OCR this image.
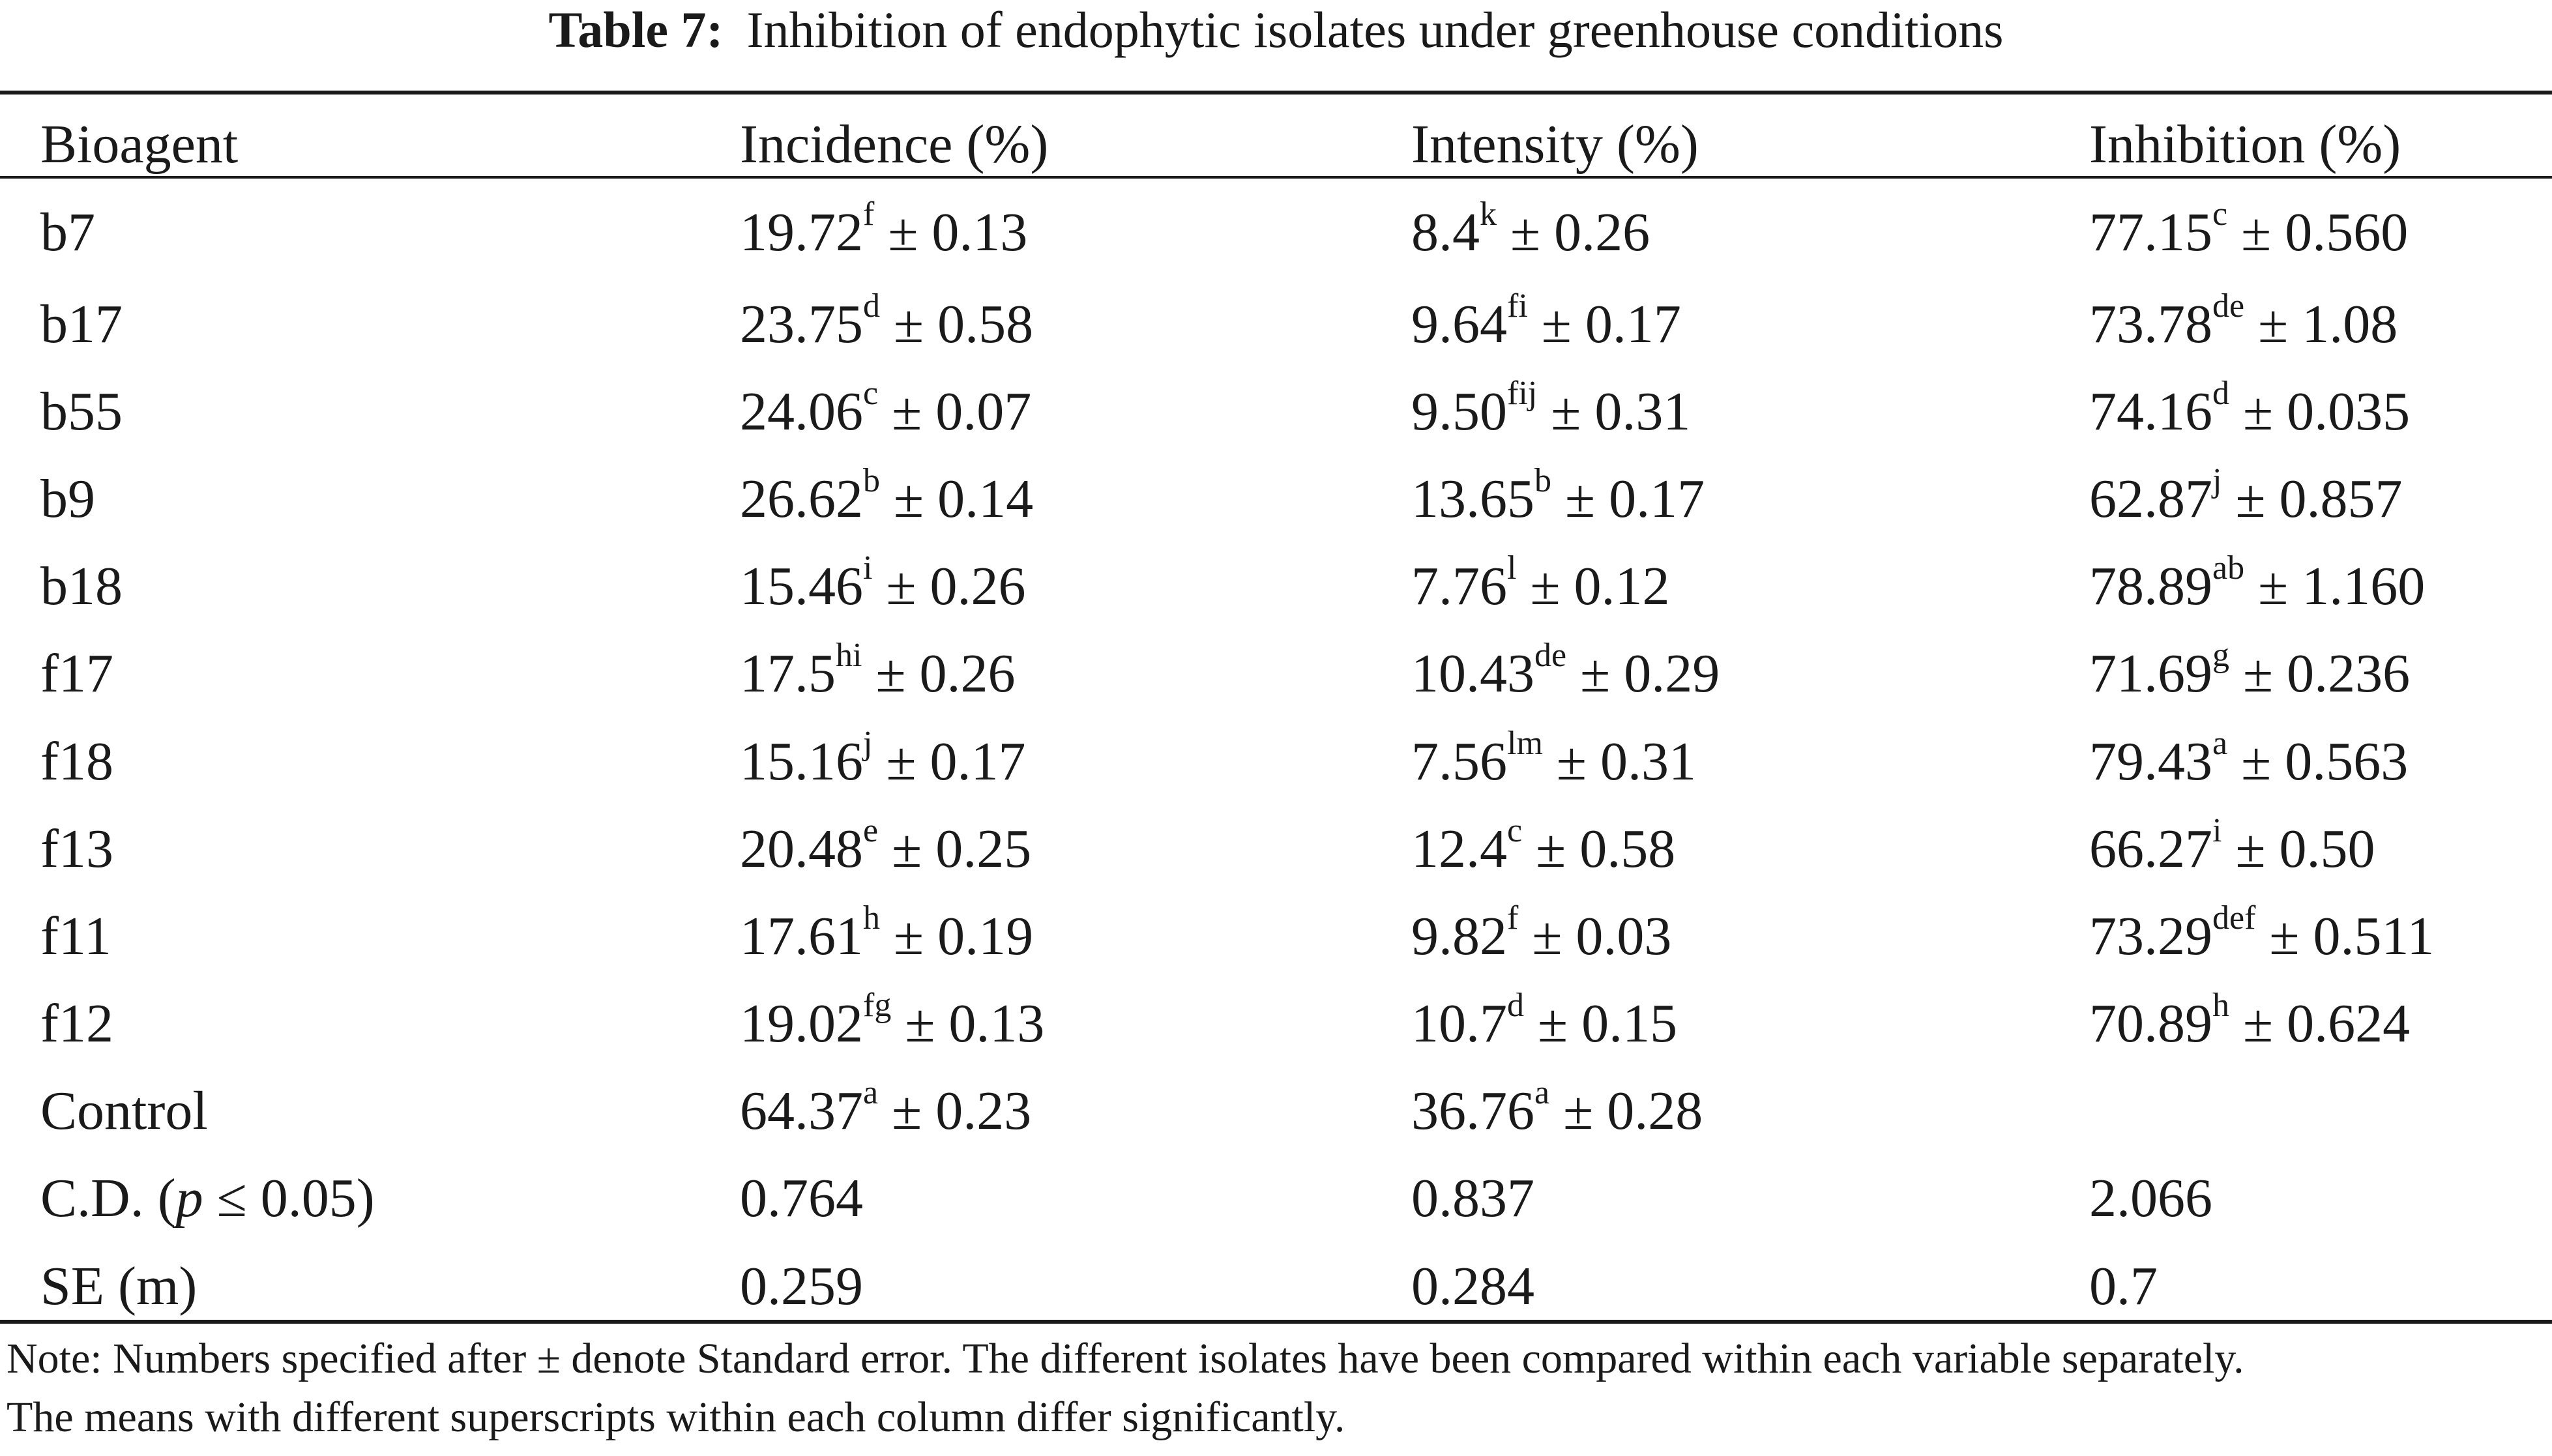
Table 7: Inhibition of endophytic isolates under greenhouse conditions
Bioagent	Incidence (%)	Intensity (%)	Inhibition (%)
b7	19.72$^f$ ± 0.13	$8.4^k \pm 0.26$	77.15$^c$ ± 0.560
b17	23.75$^d$ ± 0.58	$9.64^{fi} \pm 0.17$	73.78de ± 1.08
b55	24.06$^c$ ± 0.07	$9.50^{fij} \pm 0.31$	74.16$^d$ ± 0.035
b9	26.62$^b$ ± 0.14	13.65$^b$ ± 0.17	$62.87^j \pm 0.857$
b18	$15.46^i \pm 0.26$	$7.76^l \pm 0.12$	78.89$^{ab}$ ± 1.160
f17	$17.5^{hi} \pm 0.26$	10.43de ± 0.29	71.69$^g$ ± 0.236
f18	$15.16^j \pm 0.17$	$7.56^{lm} \pm 0.31$	79.43$^a$ ± 0.563
f13	20.48$^e$ ± 0.25	12.4$^c$ ± 0.58	$66.27^i \pm 0.50$
f11	17.61$^h$ ± 0.19	9.82$^f$ ± 0.03	73.29$^{def}$ ± 0.511
f12	19.02$^{fg}$ ± 0.13	10.7$^d$ ± 0.15	70.89$^h$ ± 0.624
Control	64.37$^a$ ± 0.23	36.76$^a$ ± 0.28	
C.D. (p ≤ 0.05)	0.764	0.837	2.066
SE (m)	0.259	0.284	0.7
Note: Numbers specified after ± denote Standard error. The different isolates have been compared within each variable separately.
The means with different superscripts within each column differ significantly.
